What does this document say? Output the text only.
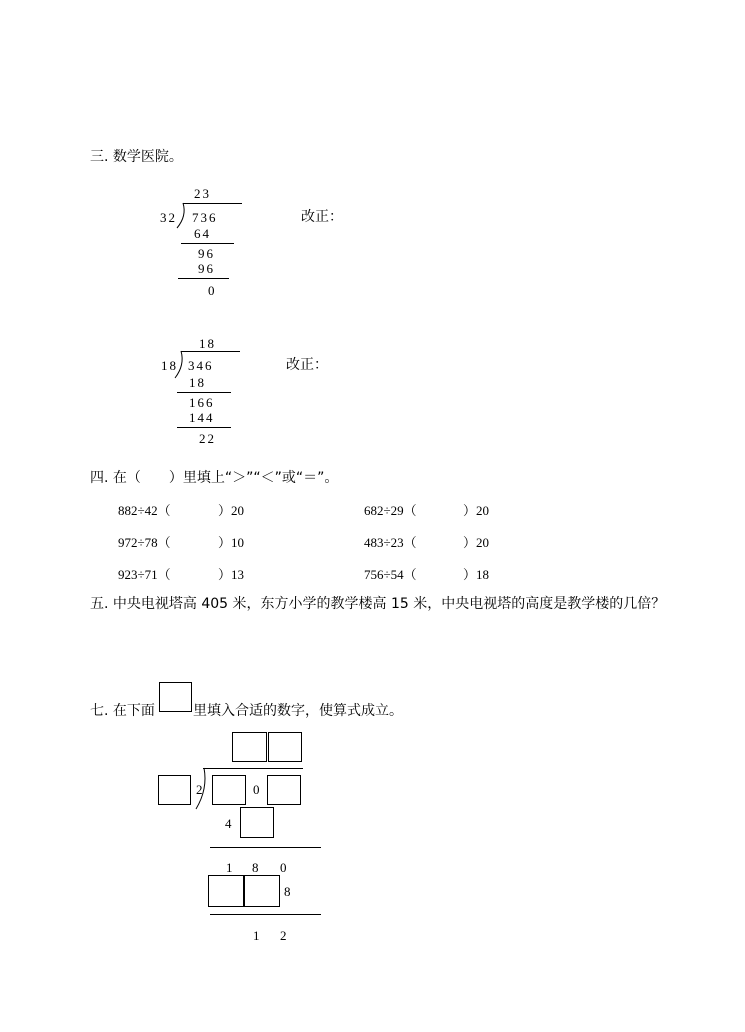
三. 数学医院。
23
32 736
64
96
96
0
改正：
18
18 346
18
166
144
22
改正：
四. 在（　　）里填上“＞”“＜”或“＝”。
882÷42（	）20	682÷29（	）20
972÷78（	）10	483÷23（	）20
923÷71（	）13	756÷54（	）18
五. 中央电视塔高 405 米，东方小学的教学楼高 15 米，中央电视塔的高度是教学楼的几倍？
七. 在下面	里填入合适的数字，使算式成立。
2	0
4
1 8 0
8
1 2
